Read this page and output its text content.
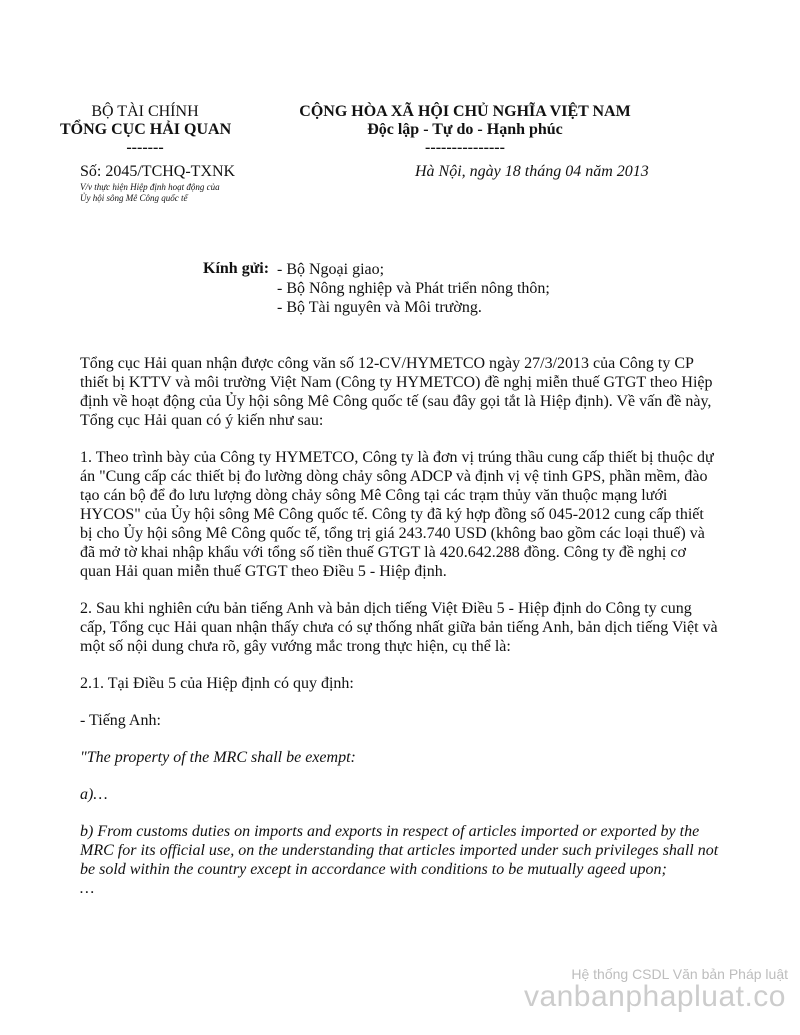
BỘ TÀI CHÍNH
TỔNG CỤC HẢI QUAN
-------
CỘNG HÒA XÃ HỘI CHỦ NGHĨA VIỆT NAM
Độc lập - Tự do - Hạnh phúc
---------------
Số: 2045/TCHQ-TXNK
V/v thực hiện Hiệp định hoạt động của
Ủy hội sông Mê Công quốc tế
Hà Nội, ngày 18 tháng 04 năm 2013
Kính gửi: - Bộ Ngoại giao;
- Bộ Nông nghiệp và Phát triển nông thôn;
- Bộ Tài nguyên và Môi trường.

Tổng cục Hải quan nhận được công văn số 12-CV/HYMETCO ngày 27/3/2013 của Công ty CP thiết bị KTTV và môi trường Việt Nam (Công ty HYMETCO) đề nghị miễn thuế GTGT theo Hiệp định về hoạt động của Ủy hội sông Mê Công quốc tế (sau đây gọi tắt là Hiệp định). Về vấn đề này, Tổng cục Hải quan có ý kiến như sau:

1. Theo trình bày của Công ty HYMETCO, Công ty là đơn vị trúng thầu cung cấp thiết bị thuộc dự án "Cung cấp các thiết bị đo lường dòng chảy sông ADCP và định vị vệ tinh GPS, phần mềm, đào tạo cán bộ để đo lưu lượng dòng chảy sông Mê Công tại các trạm thủy văn thuộc mạng lưới HYCOS" của Ủy hội sông Mê Công quốc tế. Công ty đã ký hợp đồng số 045-2012 cung cấp thiết bị cho Ủy hội sông Mê Công quốc tế, tổng trị giá 243.740 USD (không bao gồm các loại thuế) và đã mở tờ khai nhập khẩu với tổng số tiền thuế GTGT là 420.642.288 đồng. Công ty đề nghị cơ quan Hải quan miễn thuế GTGT theo Điều 5 - Hiệp định.

2. Sau khi nghiên cứu bản tiếng Anh và bản dịch tiếng Việt Điều 5 - Hiệp định do Công ty cung cấp, Tổng cục Hải quan nhận thấy chưa có sự thống nhất giữa bản tiếng Anh, bản dịch tiếng Việt và một số nội dung chưa rõ, gây vướng mắc trong thực hiện, cụ thể là:

2.1. Tại Điều 5 của Hiệp định có quy định:

- Tiếng Anh:

"The property of the MRC shall be exempt:

a)…

b) From customs duties on imports and exports in respect of articles imported or exported by the MRC for its official use, on the understanding that articles imported under such privileges shall not be sold within the country except in accordance with conditions to be mutually ageed upon;
…

Hệ thống CSDL Văn bản Pháp luật
vanbanphapluat.co
